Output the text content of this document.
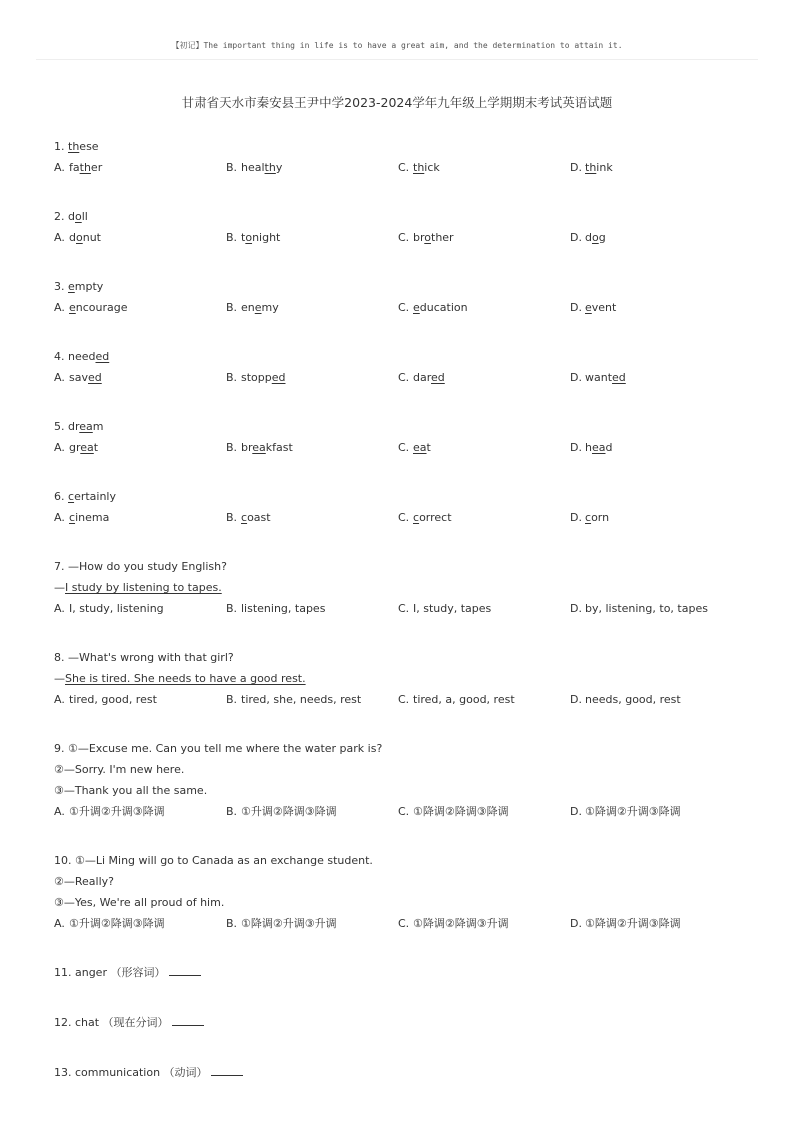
【初记】The important thing in life is to have a great aim, and the determination to attain it.
甘肃省天水市秦安县王尹中学2023-2024学年九年级上学期期末考试英语试题
1. these
A. father	B. healthy	C. thick	D. think
2. doll
A. donut	B. tonight	C. brother	D. dog
3. empty
A. encourage	B. enemy	C. education	D. event
4. needed
A. saved	B. stopped	C. dared	D. wanted
5. dream
A. great	B. breakfast	C. eat	D. head
6. certainly
A. cinema	B. coast	C. correct	D. corn
7. —How do you study English?
—I study by listening to tapes.
A. I, study, listening	B. listening, tapes	C. I, study, tapes	D. by, listening, to, tapes
8. —What's wrong with that girl?
—She is tired. She needs to have a good rest.
A. tired, good, rest	B. tired, she, needs, rest	C. tired, a, good, rest	D. needs, good, rest
9. ①—Excuse me. Can you tell me where the water park is?
②—Sorry. I'm new here.
③—Thank you all the same.
A. ①升调②升调③降调	B. ①升调②降调③降调	C. ①降调②降调③降调	D. ①降调②升调③降调
10. ①—Li Ming will go to Canada as an exchange student.
②—Really?
③—Yes, We're all proud of him.
A. ①升调②降调③降调	B. ①降调②升调③升调	C. ①降调②降调③升调	D. ①降调②升调③降调
11. anger （形容词）
12. chat （现在分词）
13. communication （动词）
